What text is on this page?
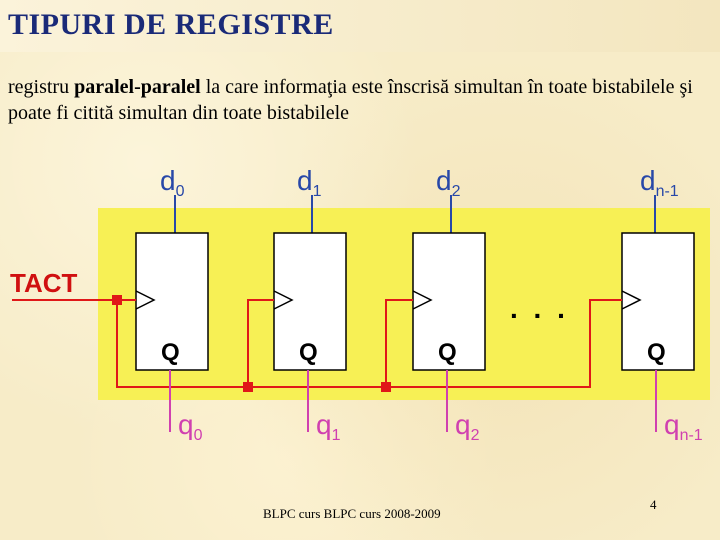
TIPURI DE REGISTRE
registru paralel-paralel la care informaţia este înscrisă simultan în toate bistabilele şi poate fi citită simultan din toate bistabilele
$d_0$	$d_1$	$d_2$	$d_{n-1}$
Q	Q	Q	Q
$q_0$	$q_1$	$q_2$	$q_{n-1}$
TACT
. . .
BLPC curs BLPC curs 2008-2009
4
